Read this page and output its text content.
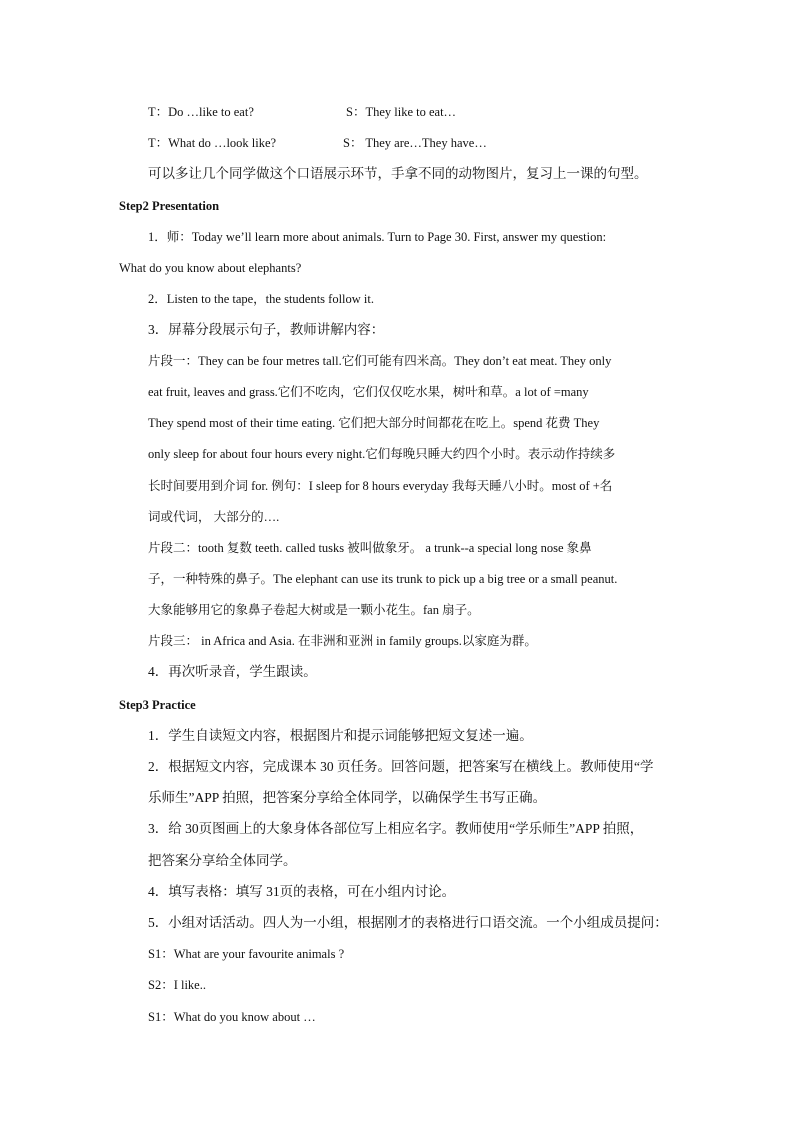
T：Do …like to eat?	S：They like to eat…
T：What do …look like?	S： They are…They have…
可以多让几个同学做这个口语展示环节，手拿不同的动物图片，复习上一课的句型。
Step2 Presentation
1．师：Today we’ll learn more about animals. Turn to Page 30. First, answer my question:
What do you know about elephants?
2．Listen to the tape，the students follow it.
3．屏幕分段展示句子，教师讲解内容：
片段一：They can be four metres tall.它们可能有四米高。They don’t eat meat. They only
eat fruit, leaves and grass.它们不吃肉，它们仅仅吃水果，树叶和草。a lot of =many
They spend most of their time eating. 它们把大部分时间都花在吃上。spend 花费 They
only sleep for about four hours every night.它们每晚只睡大约四个小时。表示动作持续多
长时间要用到介词 for. 例句：I sleep for 8 hours everyday 我每天睡八小时。most of +名
词或代词， 大部分的….
片段二：tooth 复数 teeth. called tusks 被叫做象牙。 a trunk--a special long nose 象鼻
子，一种特殊的鼻子。The elephant can use its trunk to pick up a big tree or a small peanut.
大象能够用它的象鼻子卷起大树或是一颗小花生。fan 扇子。
片段三： in Africa and Asia. 在非洲和亚洲 in family groups.以家庭为群。
4．再次听录音，学生跟读。
Step3 Practice
1．学生自读短文内容，根据图片和提示词能够把短文复述一遍。
2．根据短文内容，完成课本 30 页任务。回答问题，把答案写在横线上。教师使用“学
乐师生”APP 拍照，把答案分享给全体同学，以确保学生书写正确。
3．给 30页图画上的大象身体各部位写上相应名字。教师使用“学乐师生”APP 拍照，
把答案分享给全体同学。
4．填写表格：填写 31页的表格，可在小组内讨论。
5．小组对话活动。四人为一小组，根据刚才的表格进行口语交流。一个小组成员提问：
S1：What are your favourite animals ?
S2：I like..
S1：What do you know about …
